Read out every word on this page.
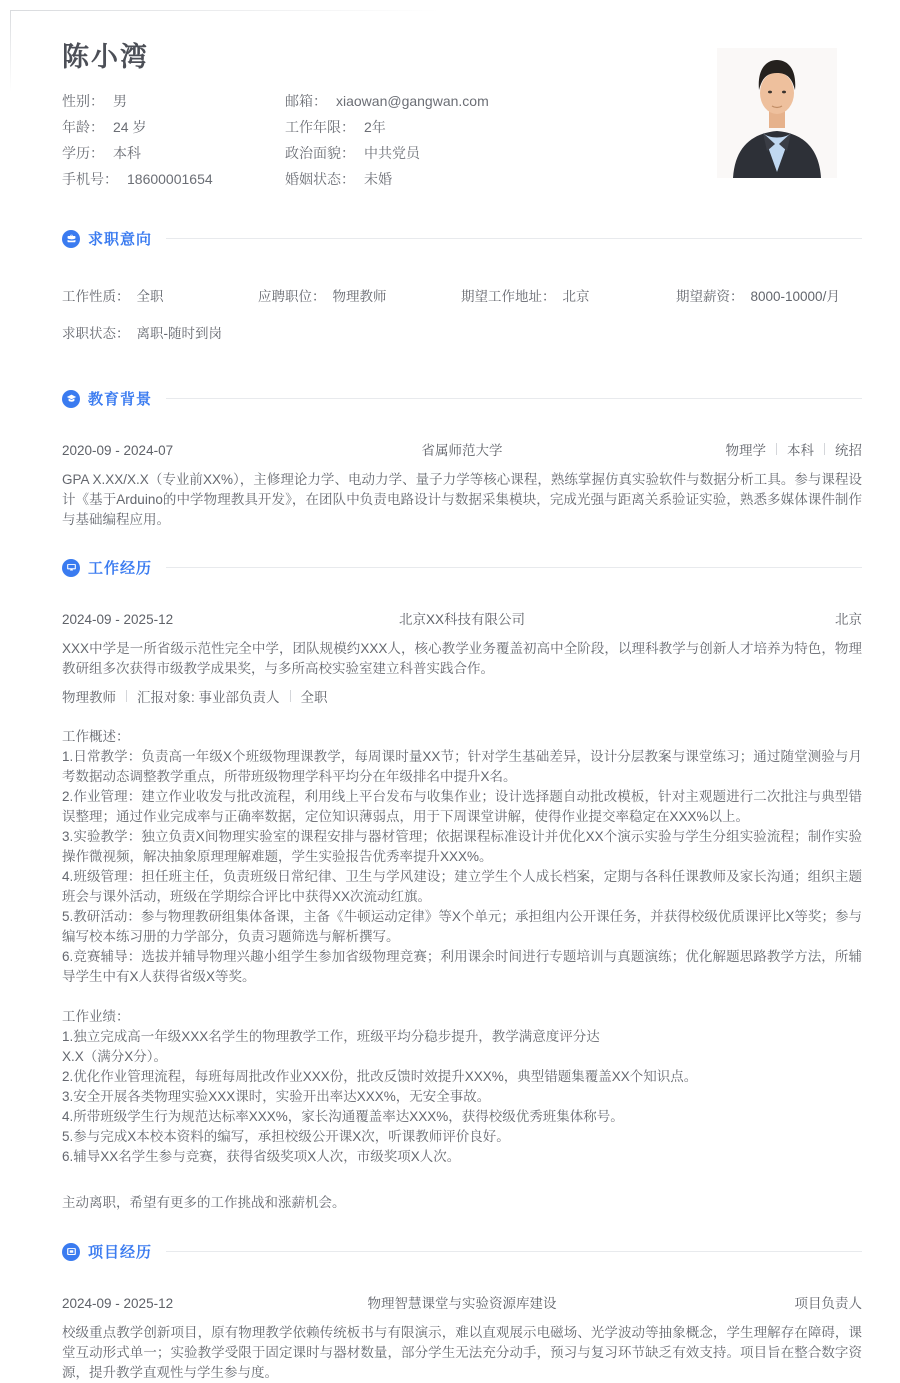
陈小湾
性别： 男
年龄： 24 岁
学历： 本科
手机号： 18600001654
邮箱： xiaowan@gangwan.com
工作年限： 2年
政治面貌： 中共党员
婚姻状态： 未婚
求职意向
工作性质： 全职	应聘职位： 物理教师	期望工作地址： 北京	期望薪资： 8000-10000/月
求职状态： 离职-随时到岗
教育背景
2020-09 - 2024-07	省属师范大学	物理学	本科	统招
GPA X.XX/X.X（专业前XX%），主修理论力学、电动力学、量子力学等核心课程，熟练掌握仿真实验软件与数据分析工具。参与课程设计《基于Arduino的中学物理教具开发》，在团队中负责电路设计与数据采集模块，完成光强与距离关系验证实验，熟悉多媒体课件制作与基础编程应用。
工作经历
2024-09 - 2025-12	北京XX科技有限公司	北京
XXX中学是一所省级示范性完全中学，团队规模约XXX人，核心教学业务覆盖初高中全阶段，以理科教学与创新人才培养为特色，物理教研组多次获得市级教学成果奖，与多所高校实验室建立科普实践合作。
物理教师	汇报对象: 事业部负责人	全职
工作概述：
1.日常教学：负责高一年级X个班级物理课教学，每周课时量XX节；针对学生基础差异，设计分层教案与课堂练习；通过随堂测验与月考数据动态调整教学重点，所带班级物理学科平均分在年级排名中提升X名。
2.作业管理：建立作业收发与批改流程，利用线上平台发布与收集作业；设计选择题自动批改模板，针对主观题进行二次批注与典型错误整理；通过作业完成率与正确率数据，定位知识薄弱点，用于下周课堂讲解，使得作业提交率稳定在XXX%以上。
3.实验教学：独立负责X间物理实验室的课程安排与器材管理；依据课程标准设计并优化XX个演示实验与学生分组实验流程；制作实验操作微视频，解决抽象原理理解难题，学生实验报告优秀率提升XXX%。
4.班级管理：担任班主任，负责班级日常纪律、卫生与学风建设；建立学生个人成长档案，定期与各科任课教师及家长沟通；组织主题班会与课外活动，班级在学期综合评比中获得XX次流动红旗。
5.教研活动：参与物理教研组集体备课，主备《牛顿运动定律》等X个单元；承担组内公开课任务，并获得校级优质课评比X等奖；参与编写校本练习册的力学部分，负责习题筛选与解析撰写。
6.竞赛辅导：选拔并辅导物理兴趣小组学生参加省级物理竞赛；利用课余时间进行专题培训与真题演练；优化解题思路教学方法，所辅导学生中有X人获得省级X等奖。
工作业绩：
1.独立完成高一年级XXX名学生的物理教学工作，班级平均分稳步提升，教学满意度评分达
X.X（满分X分）。
2.优化作业管理流程，每班每周批改作业XXX份，批改反馈时效提升XXX%，典型错题集覆盖XX个知识点。
3.安全开展各类物理实验XXX课时，实验开出率达XXX%，无安全事故。
4.所带班级学生行为规范达标率XXX%，家长沟通覆盖率达XXX%，获得校级优秀班集体称号。
5.参与完成X本校本资料的编写，承担校级公开课X次，听课教师评价良好。
6.辅导XX名学生参与竞赛，获得省级奖项X人次，市级奖项X人次。
主动离职，希望有更多的工作挑战和涨薪机会。
项目经历
2024-09 - 2025-12	物理智慧课堂与实验资源库建设	项目负责人
校级重点教学创新项目，原有物理教学依赖传统板书与有限演示，难以直观展示电磁场、光学波动等抽象概念，学生理解存在障碍，课堂互动形式单一；实验教学受限于固定课时与器材数量，部分学生无法充分动手，预习与复习环节缺乏有效支持。项目旨在整合数字资源，提升教学直观性与学生参与度。
